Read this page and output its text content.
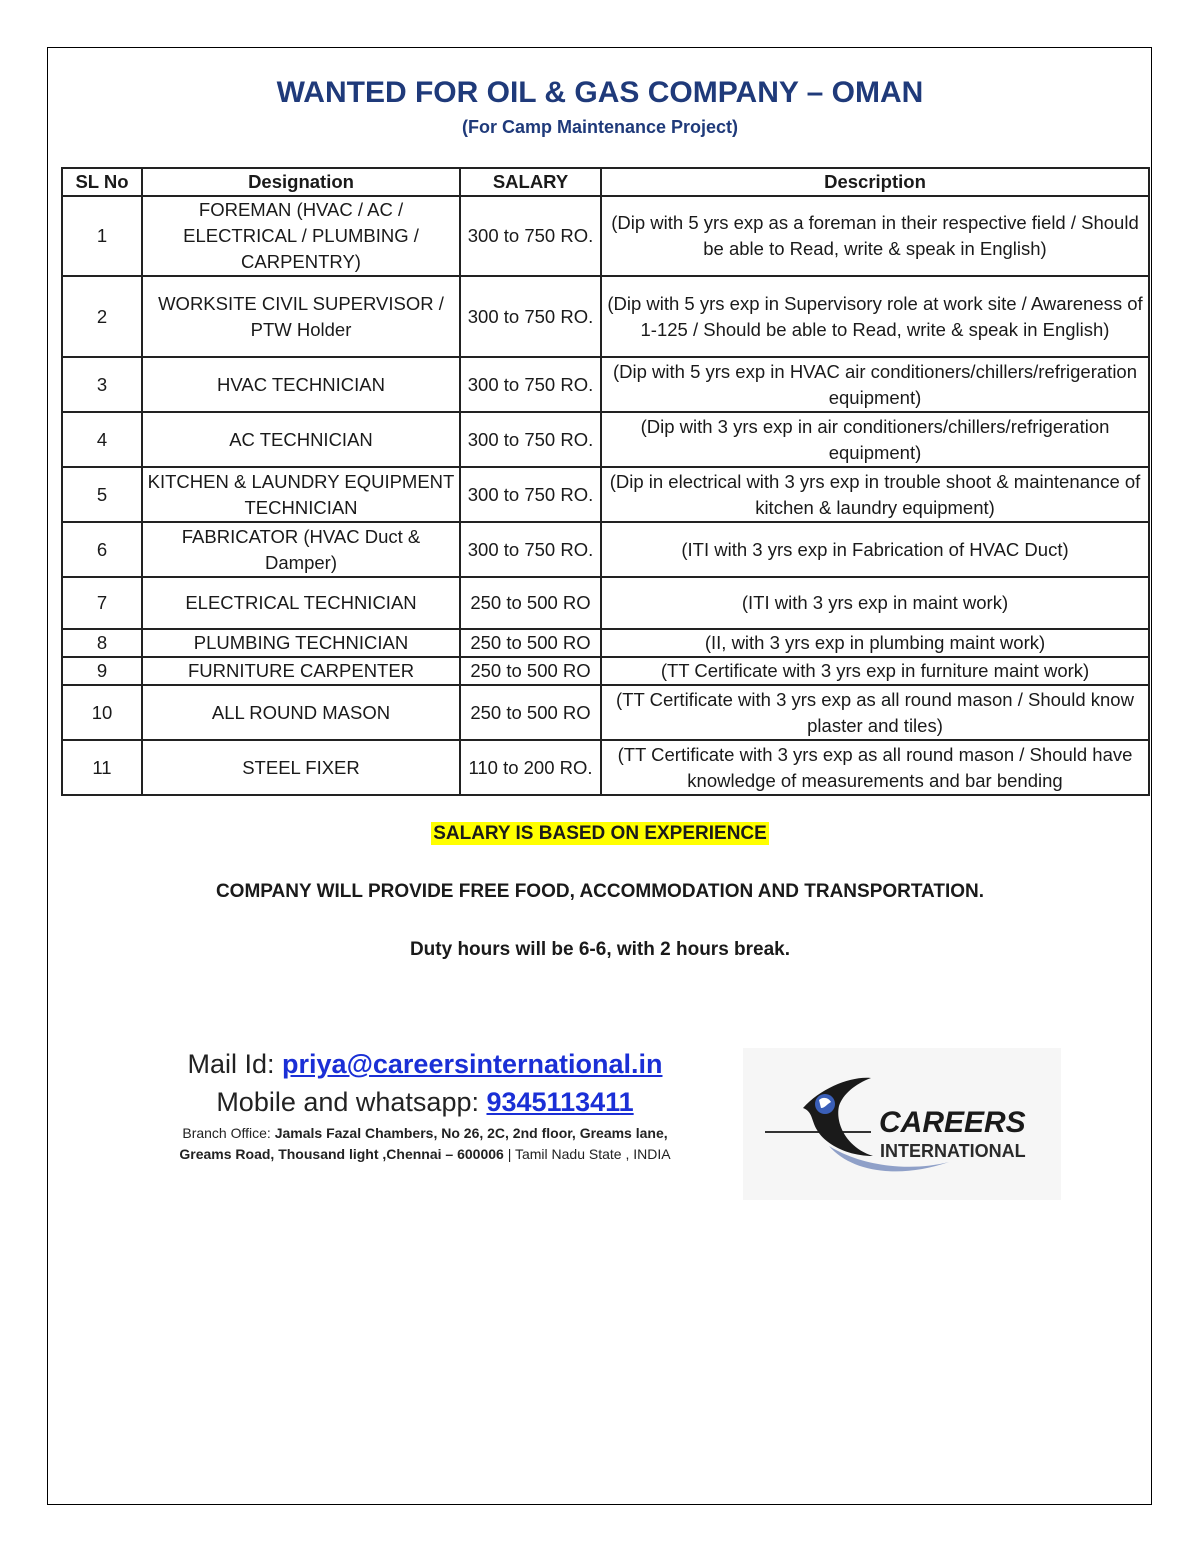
WANTED FOR OIL & GAS COMPANY – OMAN
(For Camp Maintenance Project)
SL No	Designation	SALARY	Description
1	FOREMAN (HVAC / AC / ELECTRICAL / PLUMBING / CARPENTRY)	300 to 750 RO.	(Dip with 5 yrs exp as a foreman in their respective field / Should be able to Read, write & speak in English)
2	WORKSITE CIVIL SUPERVISOR / PTW Holder	300 to 750 RO.	(Dip with 5 yrs exp in Supervisory role at work site / Awareness of 1-125 / Should be able to Read, write & speak in English)
3	HVAC TECHNICIAN	300 to 750 RO.	(Dip with 5 yrs exp in HVAC air conditioners/chillers/refrigeration equipment)
4	AC TECHNICIAN	300 to 750 RO.	(Dip with 3 yrs exp in air conditioners/chillers/refrigeration equipment)
5	KITCHEN & LAUNDRY EQUIPMENT TECHNICIAN	300 to 750 RO.	(Dip in electrical with 3 yrs exp in trouble shoot & maintenance of kitchen & laundry equipment)
6	FABRICATOR (HVAC Duct & Damper)	300 to 750 RO.	(ITI with 3 yrs exp in Fabrication of HVAC Duct)
7	ELECTRICAL TECHNICIAN	250 to 500 RO	(ITI with 3 yrs exp in maint work)
8	PLUMBING TECHNICIAN	250 to 500 RO	(II, with 3 yrs exp in plumbing maint work)
9	FURNITURE CARPENTER	250 to 500 RO	(TT Certificate with 3 yrs exp in furniture maint work)
10	ALL ROUND MASON	250 to 500 RO	(TT Certificate with 3 yrs exp as all round mason / Should know plaster and tiles)
11	STEEL FIXER	110 to 200 RO.	(TT Certificate with 3 yrs exp as all round mason / Should have knowledge of measurements and bar bending
SALARY IS BASED ON EXPERIENCE
COMPANY WILL PROVIDE FREE FOOD, ACCOMMODATION AND TRANSPORTATION.
Duty hours will be 6-6, with 2 hours break.
Mail Id: priya@careersinternational.in
Mobile and whatsapp: 9345113411
Branch Office: Jamals Fazal Chambers, No 26, 2C, 2nd floor, Greams lane,
Greams Road, Thousand light ,Chennai – 600006 | Tamil Nadu State , INDIA
CAREERS
INTERNATIONAL
